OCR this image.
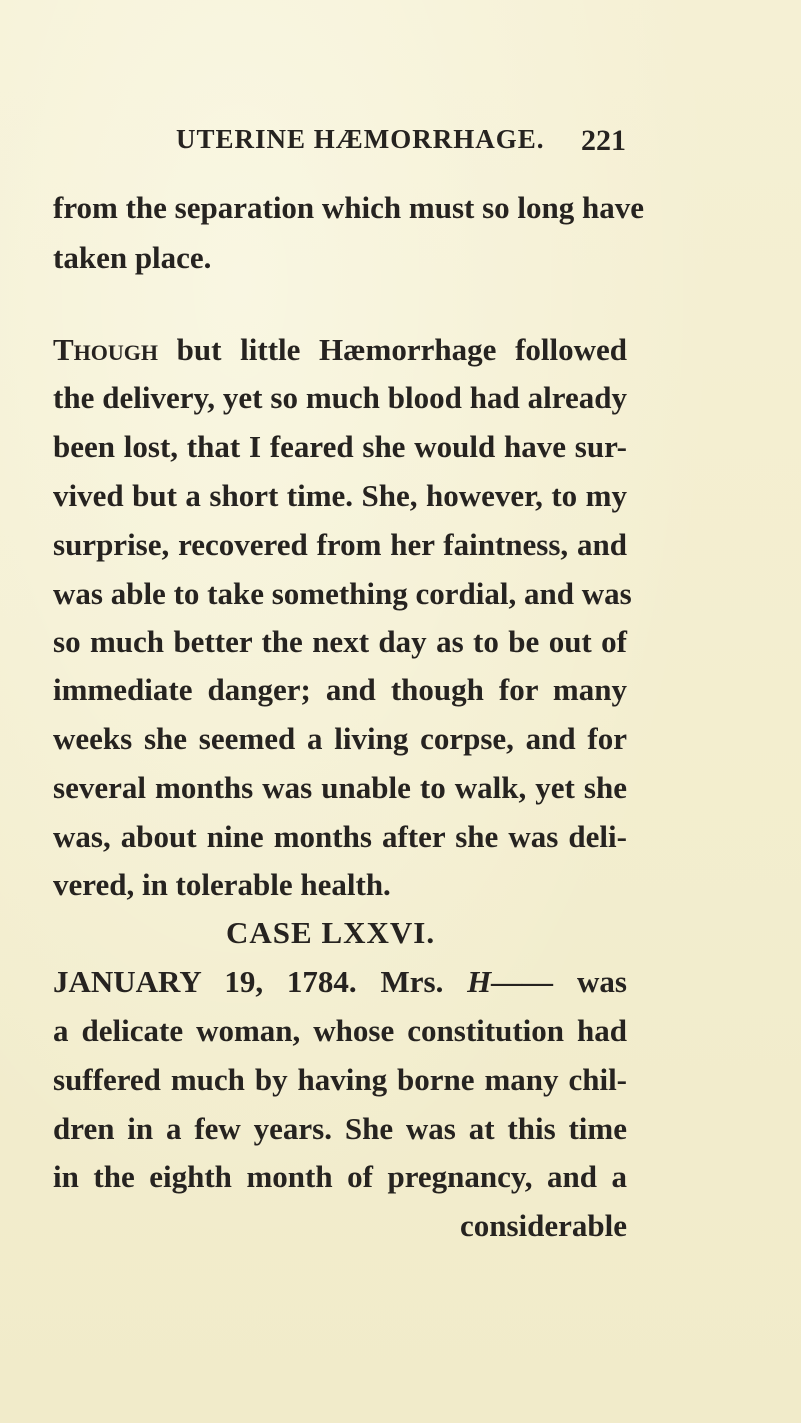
UTERINE HÆMORRHAGE. 221
from the separation which must so long have
taken place.
Though but little Hæmorrhage followed
the delivery, yet so much blood had already
been lost, that I feared she would have sur-
vived but a short time. She, however, to my
surprise, recovered from her faintness, and
was able to take something cordial, and was
so much better the next day as to be out of
immediate danger; and though for many
weeks she seemed a living corpse, and for
several months was unable to walk, yet she
was, about nine months after she was deli-
vered, in tolerable health.
CASE LXXVI.
JANUARY 19, 1784. Mrs. H—— was
a delicate woman, whose constitution had
suffered much by having borne many chil-
dren in a few years. She was at this time
in the eighth month of pregnancy, and a
considerable
